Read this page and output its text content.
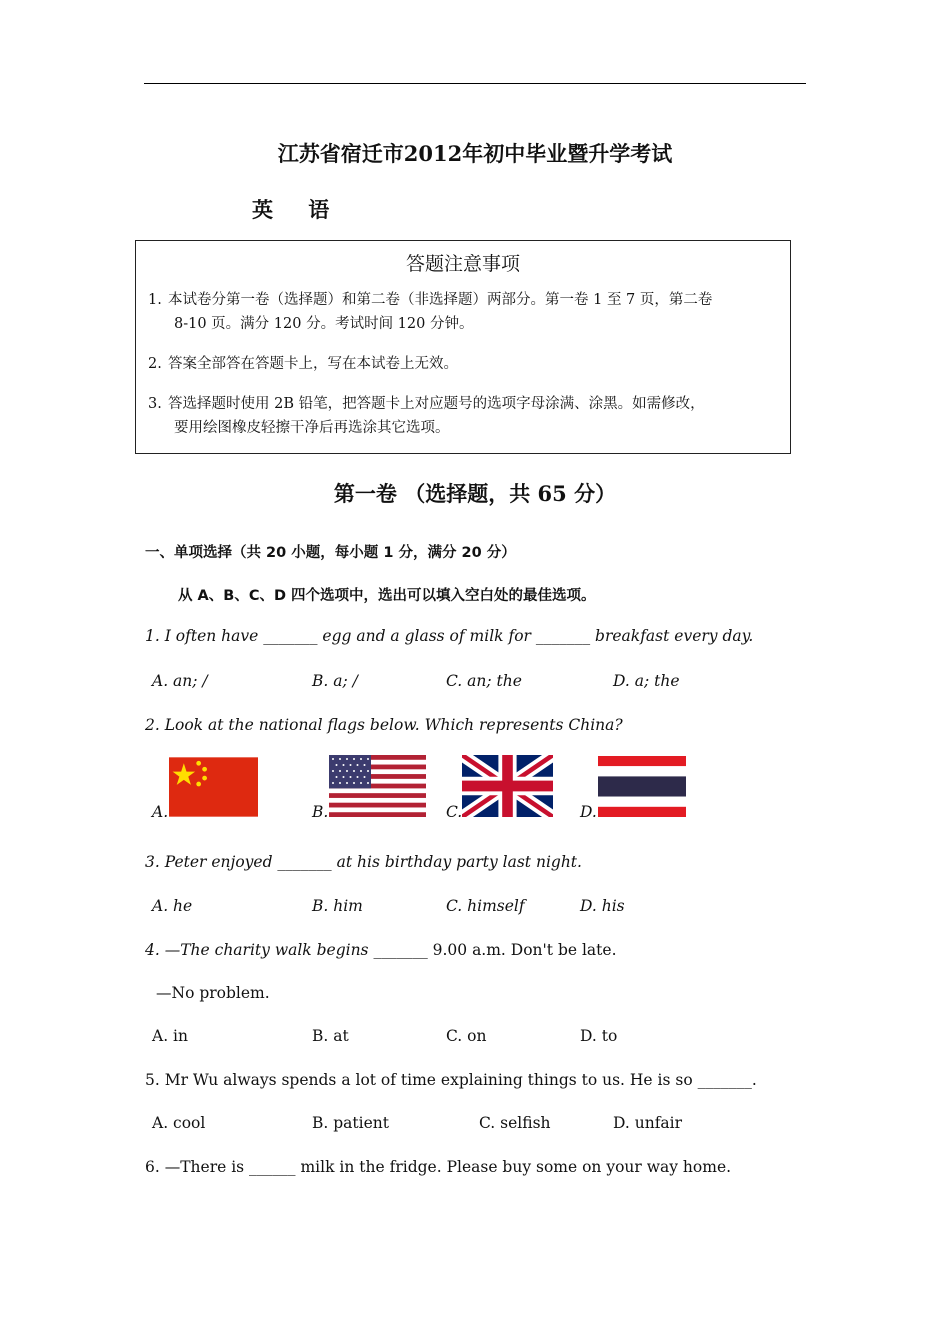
江苏省宿迁市2012年初中毕业暨升学考试
英 语
答题注意事项
1. 本试卷分第一卷（选择题）和第二卷（非选择题）两部分。第一卷 1 至 7 页，第二卷
8-10 页。满分 120 分。考试时间 120 分钟。
2. 答案全部答在答题卡上，写在本试卷上无效。
3. 答选择题时使用 2B 铅笔，把答题卡上对应题号的选项字母涂满、涂黑。如需修改，
要用绘图橡皮轻擦干净后再选涂其它选项。
第一卷 （选择题，共 65 分）
一、单项选择（共 20 小题，每小题 1 分，满分 20 分）
从 A、B、C、D 四个选项中，选出可以填入空白处的最佳选项。
1. I often have _______ egg and a glass of milk for _______ breakfast every day.
A. an; /	B. a; /	C. an; the	D. a; the
2. Look at the national flags below. Which represents China?
A.	B.	C.	D.
3. Peter enjoyed _______ at his birthday party last night.
A. he	B. him	C. himself	D. his
4. —The charity walk begins _______ 9.00 a.m. Don't be late.
—No problem.
A. in	B. at	C. on	D. to
5. Mr Wu always spends a lot of time explaining things to us. He is so _______.
A. cool	B. patient	C. selfish	D. unfair
6. —There is ______ milk in the fridge. Please buy some on your way home.
